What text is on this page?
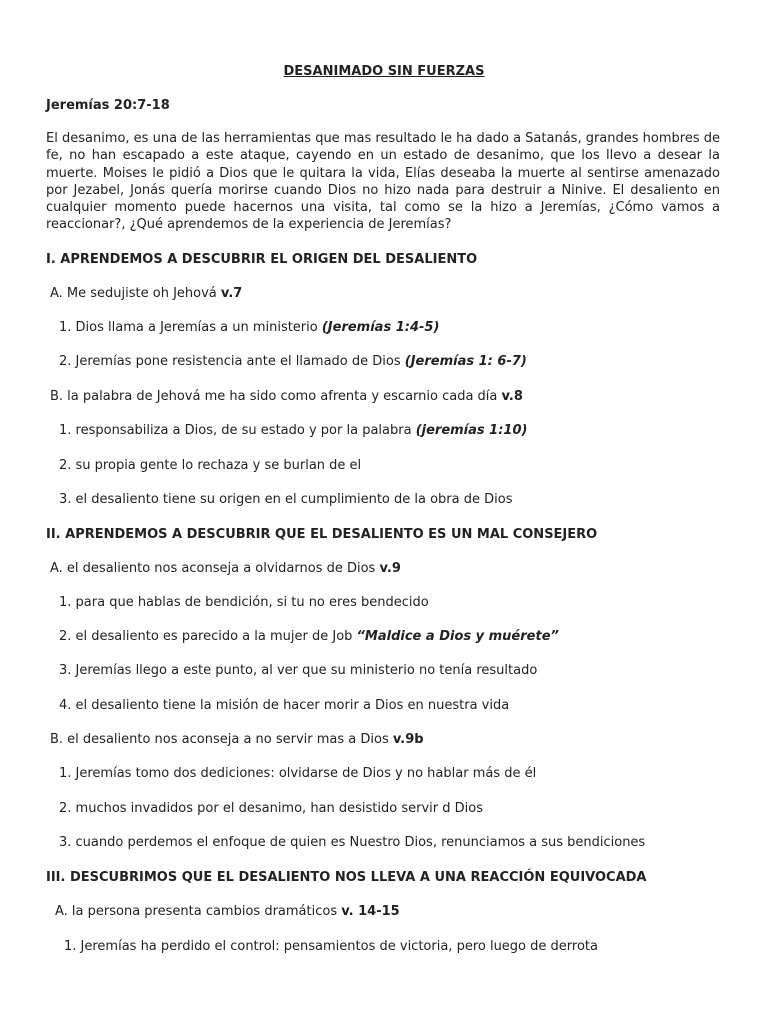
DESANIMADO SIN FUERZAS
Jeremías 20:7-18
El desanimo, es una de las herramientas que mas resultado le ha dado a Satanás, grandes hombres de
fe, no han escapado a este ataque, cayendo en un estado de desanimo, que los llevo a desear la
muerte. Moises le pidió a Dios que le quitara la vida, Elías deseaba la muerte al sentirse amenazado
por Jezabel, Jonás quería morirse cuando Dios no hizo nada para destruir a Ninive. El desaliento en
cualquier momento puede hacernos una visita, tal como se la hizo a Jeremías, ¿Cómo vamos a
reaccionar?, ¿Qué aprendemos de la experiencia de Jeremías?
I. APRENDEMOS A DESCUBRIR EL ORIGEN DEL DESALIENTO
A. Me sedujiste oh Jehová v.7
1. Dios llama a Jeremías a un ministerio (Jeremías 1:4-5)
2. Jeremías pone resistencia ante el llamado de Dios (Jeremías 1: 6-7)
B. la palabra de Jehová me ha sido como afrenta y escarnio cada día v.8
1. responsabiliza a Dios, de su estado y por la palabra (jeremías 1:10)
2. su propia gente lo rechaza y se burlan de el
3. el desaliento tiene su origen en el cumplimiento de la obra de Dios
II. APRENDEMOS A DESCUBRIR QUE EL DESALIENTO ES UN MAL CONSEJERO
A. el desaliento nos aconseja a olvidarnos de Dios v.9
1. para que hablas de bendición, si tu no eres bendecido
2. el desaliento es parecido a la mujer de Job “Maldice a Dios y muérete”
3. Jeremías llego a este punto, al ver que su ministerio no tenía resultado
4. el desaliento tiene la misión de hacer morir a Dios en nuestra vida
B. el desaliento nos aconseja a no servir mas a Dios v.9b
1. Jeremías tomo dos dediciones: olvidarse de Dios y no hablar más de él
2. muchos invadidos por el desanimo, han desistido servir d Dios
3. cuando perdemos el enfoque de quien es Nuestro Dios, renunciamos a sus bendiciones
III. DESCUBRIMOS QUE EL DESALIENTO NOS LLEVA A UNA REACCIÓN EQUIVOCADA
A. la persona presenta cambios dramáticos v. 14-15
1. Jeremías ha perdido el control: pensamientos de victoria, pero luego de derrota
